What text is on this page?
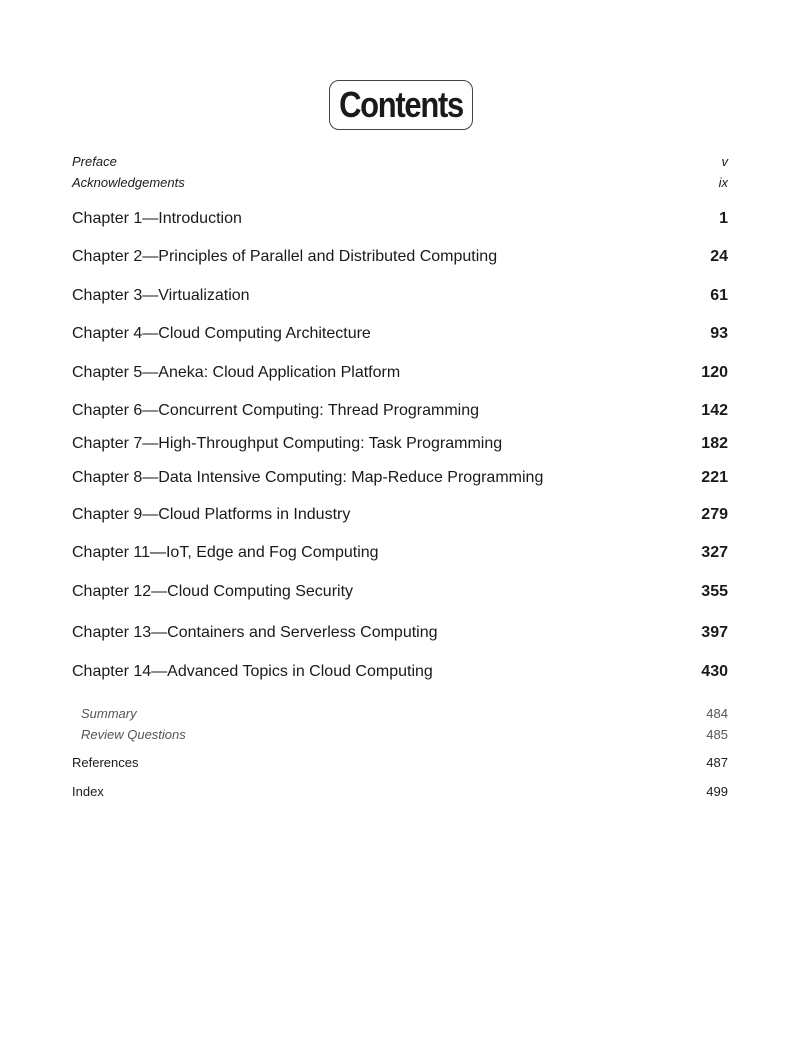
Contents
Preface	v
Acknowledgements	ix
Chapter 1—Introduction	1
Chapter 2—Principles of Parallel and Distributed Computing	24
Chapter 3—Virtualization	61
Chapter 4—Cloud Computing Architecture	93
Chapter 5—Aneka: Cloud Application Platform	120
Chapter 6—Concurrent Computing: Thread Programming	142
Chapter 7—High-Throughput Computing: Task Programming	182
Chapter 8—Data Intensive Computing: Map-Reduce Programming	221
Chapter 9—Cloud Platforms in Industry	279
Chapter 11—IoT, Edge and Fog Computing	327
Chapter 12—Cloud Computing Security	355
Chapter 13—Containers and Serverless Computing	397
Chapter 14—Advanced Topics in Cloud Computing	430
Summary	484
Review Questions	485
References	487
Index	499
